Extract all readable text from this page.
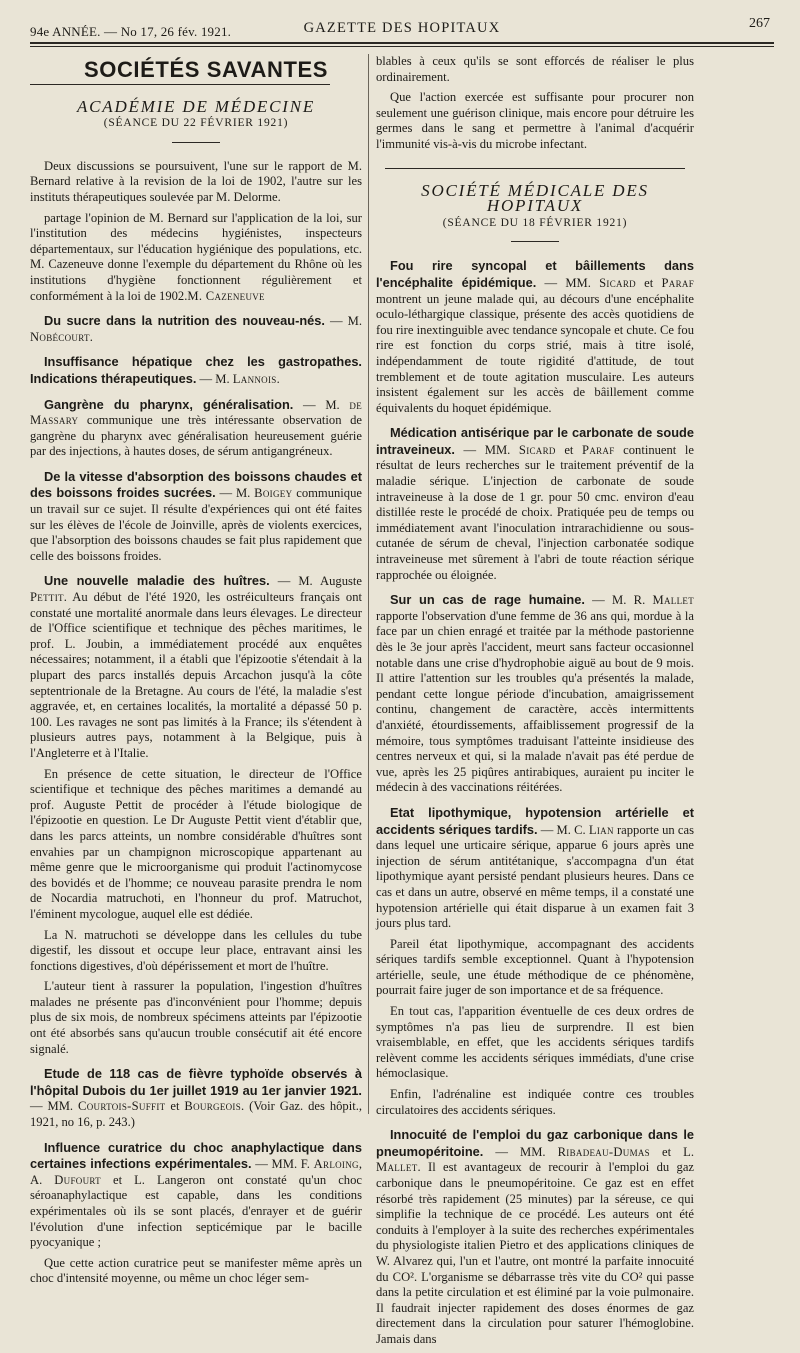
94e ANNÉE. — No 17, 26 fév. 1921.	GAZETTE DES HOPITAUX	267
SOCIÉTÉS SAVANTES
ACADÉMIE DE MÉDECINE
(SÉANCE DU 22 FÉVRIER 1921)

Deux discussions se poursuivent, l'une sur le rapport de M. Bernard relative à la revision de la loi de 1902, l'autre sur les instituts thérapeutiques soulevée par M. Delorme.

partage l'opinion de M. Bernard sur l'application de la loi, sur l'institution des médecins hygiénistes, inspecteurs départementaux, sur l'éducation hygiénique des populations, etc. M. Cazeneuve donne l'exemple du département du Rhône où les institutions d'hygiène fonctionnent régulièrement et conformément à la loi de 1902.M. Cazeneuve

Du sucre dans la nutrition des nouveau-nés. — M. Nobécourt.

Insuffisance hépatique chez les gastropathes. Indications thérapeutiques. — M. Lannois.

Gangrène du pharynx, généralisation. — M. de Massary communique une très intéressante observation de gangrène du pharynx avec généralisation heureusement guérie par des injections, à hautes doses, de sérum antigangréneux.

De la vitesse d'absorption des boissons chaudes et des boissons froides sucrées. — M. Boigey communique un travail sur ce sujet. Il résulte d'expériences qui ont été faites sur les élèves de l'école de Joinville, après de violents exercices, que l'absorption des boissons chaudes se fait plus rapidement que celle des boissons froides.

Une nouvelle maladie des huîtres. — M. Auguste Pettit. Au début de l'été 1920, les ostréiculteurs français ont constaté une mortalité anormale dans leurs élevages. Le directeur de l'Office scientifique et technique des pêches maritimes, le prof. L. Joubin, a immédiatement procédé aux enquêtes nécessaires; notamment, il a établi que l'épizootie s'étendait à la plupart des parcs installés depuis Arcachon jusqu'à la côte septentrionale de la Bretagne. Au cours de l'été, la maladie s'est aggravée, et, en certaines localités, la mortalité a dépassé 50 p. 100. Les ravages ne sont pas limités à la France; ils s'étendent à plusieurs autres pays, notamment à la Belgique, puis à l'Angleterre et à l'Italie.

En présence de cette situation, le directeur de l'Office scientifique et technique des pêches maritimes a demandé au prof. Auguste Pettit de procéder à l'étude biologique de l'épizootie en question. Le Dr Auguste Pettit vient d'établir que, dans les parcs atteints, un nombre considérable d'huîtres sont envahies par un champignon microscopique appartenant au même genre que le microorganisme qui produit l'actinomycose des bovidés et de l'homme; ce nouveau parasite prendra le nom de Nocardia matruchoti, en l'honneur du prof. Matruchot, l'éminent mycologue, auquel elle est dédiée.

La N. matruchoti se développe dans les cellules du tube digestif, les dissout et occupe leur place, entravant ainsi les fonctions digestives, d'où dépérissement et mort de l'huître.

L'auteur tient à rassurer la population, l'ingestion d'huîtres malades ne présente pas d'inconvénient pour l'homme; depuis plus de six mois, de nombreux spécimens atteints par l'épizootie ont été absorbés sans qu'aucun trouble consécutif ait été encore signalé.

Etude de 118 cas de fièvre typhoïde observés à l'hôpital Dubois du 1er juillet 1919 au 1er janvier 1921. — MM. Courtois-Suffit et Bourgeois. (Voir Gaz. des hôpit., 1921, no 16, p. 243.)

Influence curatrice du choc anaphylactique dans certaines infections expérimentales. — MM. F. Arloing, A. Dufourt et L. Langeron ont constaté qu'un choc séroanaphylactique est capable, dans les conditions expérimentales où ils se sont placés, d'enrayer et de guérir l'évolution d'une infection septicémique par le bacille pyocyanique ;

Que cette action curatrice peut se manifester même après un choc d'intensité moyenne, ou même un choc léger sem-

blables à ceux qu'ils se sont efforcés de réaliser le plus ordinairement.

Que l'action exercée est suffisante pour procurer non seulement une guérison clinique, mais encore pour détruire les germes dans le sang et permettre à l'animal d'acquérir l'immunité vis-à-vis du microbe infectant.

SOCIÉTÉ MÉDICALE DES HOPITAUX
(SÉANCE DU 18 FÉVRIER 1921)

Fou rire syncopal et bâillements dans l'encéphalite épidémique. — MM. Sicard et Paraf montrent un jeune malade qui, au décours d'une encéphalite oculo-léthargique classique, présente des accès quotidiens de fou rire inextinguible avec tendance syncopale et chute. Ce fou rire est fonction du corps strié, mais à titre isolé, indépendamment de toute rigidité d'attitude, de tout tremblement et de toute agitation musculaire. Les auteurs insistent également sur les accès de bâillement comme équivalents du hoquet épidémique.

Médication antisérique par le carbonate de soude intraveineux. — MM. Sicard et Paraf continuent le résultat de leurs recherches sur le traitement préventif de la maladie sérique. L'injection de carbonate de soude intraveineuse à la dose de 1 gr. pour 50 cmc. environ d'eau distillée reste le procédé de choix. Pratiquée peu de temps ou immédiatement avant l'inoculation intrarachidienne ou sous-cutanée de sérum de cheval, l'injection carbonatée sodique intraveineuse met sûrement à l'abri de toute réaction sérique rapprochée ou éloignée.

Sur un cas de rage humaine. — M. R. Mallet rapporte l'observation d'une femme de 36 ans qui, mordue à la face par un chien enragé et traitée par la méthode pastorienne dès le 3e jour après l'accident, meurt sans facteur occasionnel notable dans une crise d'hydrophobie aiguë au bout de 9 mois. Il attire l'attention sur les troubles qu'a présentés la malade, pendant cette longue période d'incubation, amaigrissement continu, changement de caractère, accès intermittents d'anxiété, étourdissements, affaiblissement progressif de la mémoire, tous symptômes traduisant l'atteinte insidieuse des centres nerveux et qui, si la malade n'avait pas été perdue de vue, après les 25 piqûres antirabiques, auraient pu inciter le médecin à des vaccinations réitérées.

Etat lipothymique, hypotension artérielle et accidents sériques tardifs. — M. C. Lian rapporte un cas dans lequel une urticaire sérique, apparue 6 jours après une injection de sérum antitétanique, s'accompagna d'un état lipothymique ayant persisté pendant plusieurs heures. Dans ce cas et dans un autre, observé en même temps, il a constaté une hypotension artérielle qui était disparue à un examen fait 3 jours plus tard.

Pareil état lipothymique, accompagnant des accidents sériques tardifs semble exceptionnel. Quant à l'hypotension artérielle, seule, une étude méthodique de ce phénomène, pourrait faire juger de son importance et de sa fréquence.

En tout cas, l'apparition éventuelle de ces deux ordres de symptômes n'a pas lieu de surprendre. Il est bien vraisemblable, en effet, que les accidents sériques tardifs relèvent comme les accidents sériques immédiats, d'une crise hémoclasique.

Enfin, l'adrénaline est indiquée contre ces troubles circulatoires des accidents sériques.

Innocuité de l'emploi du gaz carbonique dans le pneumopéritoine. — MM. Ribadeau-Dumas et L. Mallet. Il est avantageux de recourir à l'emploi du gaz carbonique dans le pneumopéritoine. Ce gaz est en effet résorbé très rapidement (25 minutes) par la séreuse, ce qui simplifie la technique de ce procédé. Les auteurs ont été conduits à l'employer à la suite des recherches expérimentales du physiologiste italien Pietro et des applications cliniques de W. Alvarez qui, l'un et l'autre, ont montré la parfaite innocuité du CO². L'organisme se débarrasse très vite du CO² qui passe dans la petite circulation et est éliminé par la voie pulmonaire. Il faudrait injecter rapidement des doses énormes de gaz directement dans la circulation pour saturer l'hémoglobine. Jamais dans
